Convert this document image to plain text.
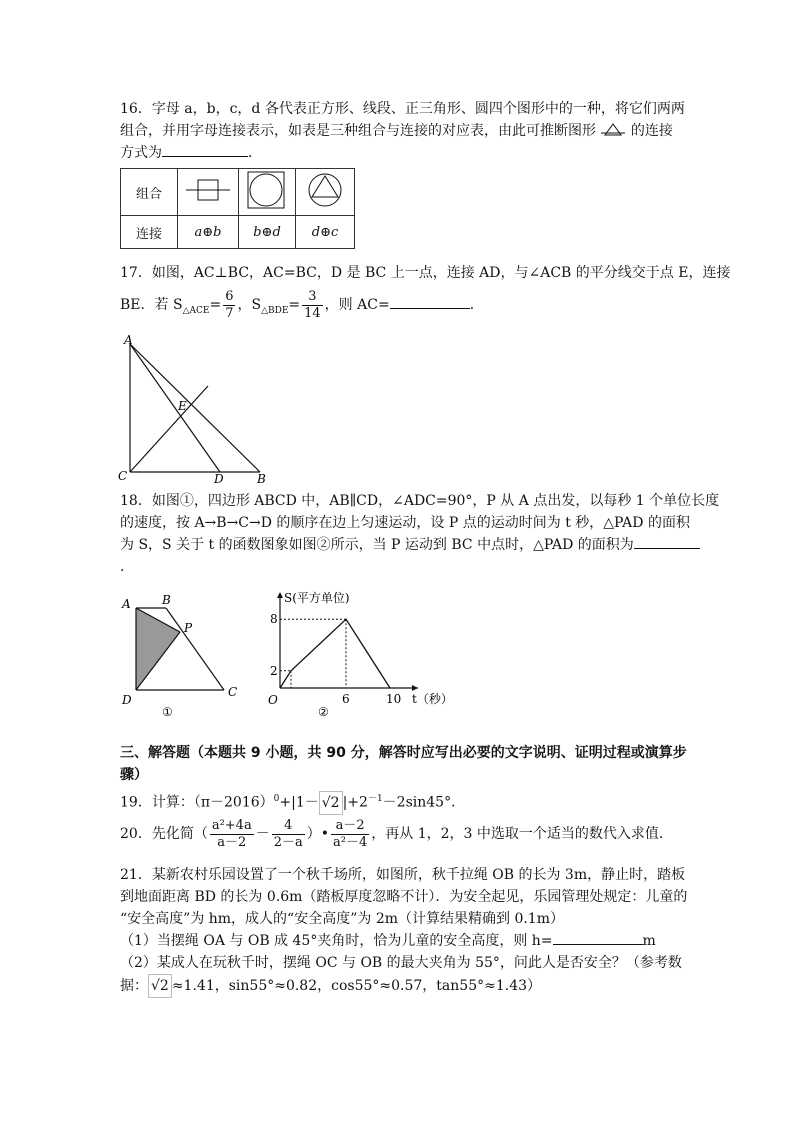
16．字母 a，b，c，d 各代表正方形、线段、正三角形、圆四个图形中的一种，将它们两两
组合，并用字母连接表示，如表是三种组合与连接的对应表，由此可推断图形 的连接
方式为	．
组合			
连接	a⊕b	b⊕d	d⊕c
17．如图，AC⊥BC，AC=BC，D 是 BC 上一点，连接 AD，与∠ACB 的平分线交于点 E，连接
BE．若 $S_{\triangle ACE}= \frac{6}{7}$ ，$S_{\triangle BDE}= \frac{3}{14}$ ，则 AC=	．
A
C	D	B
E
18．如图①，四边形 ABCD 中，AB∥CD，∠ADC=90°，P 从 A 点出发，以每秒 1 个单位长度
的速度，按 A→B→C→D 的顺序在边上匀速运动，设 P 点的运动时间为 t 秒，△PAD 的面积
为 S，S 关于 t 的函数图象如图②所示，当 P 运动到 BC 中点时，△PAD 的面积为
．
A	B
P
D
C
①
S(平方单位)
t（秒）
O
②
2
8
6	10
三、解答题（本题共 9 小题，共 90 分，解答时应写出必要的文字说明、证明过程或演算步
骤）
19．计算：$(\pi-2016)^0+|1- √2$ $|+2^{-1}-2\sin 45^\circ$．
20．先化简（ $\frac{\text{a²+4a}}{a-2} - \frac{4}{2-a}$ ）• $\frac{a-2}{\text{a²－4}}$ ，再从 1，2，3 中选取一个适当的数代入求值．
21．某新农村乐园设置了一个秋千场所，如图所，秋千拉绳 OB 的长为 3m，静止时，踏板
到地面距离 BD 的长为 0.6m（踏板厚度忽略不计）．为安全起见，乐园管理处规定：儿童的
“安全高度”为 hm，成人的“安全高度”为 2m（计算结果精确到 0.1m）
（1）当摆绳 OA 与 OB 成 45°夹角时，恰为儿童的安全高度，则 h=	m
（2）某成人在玩秋千时，摆绳 OC 与 OB 的最大夹角为 55°，问此人是否安全？（参考数
据： √2 ≈1.41，sin55°≈0.82，cos55°≈0.57，tan55°≈1.43）
